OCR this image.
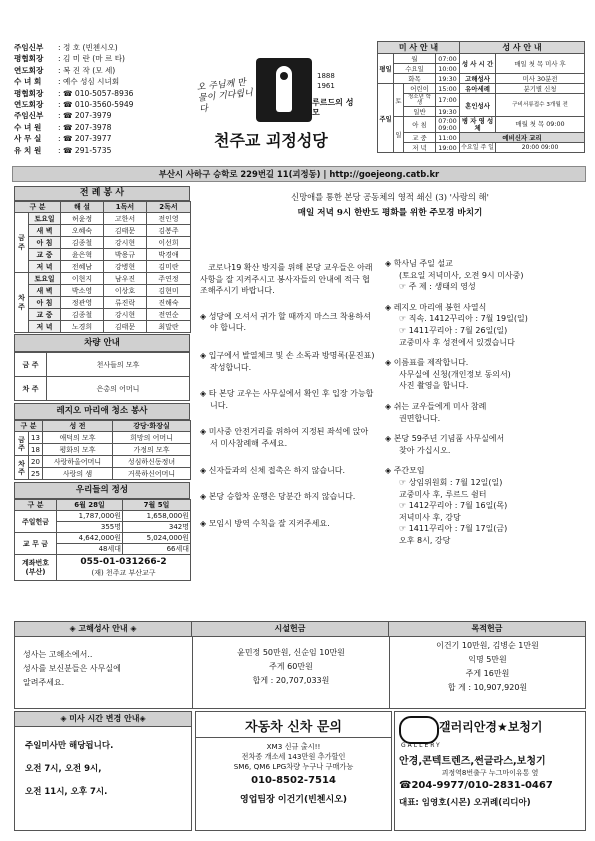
주임신부 : 정 호 (빈첸시오)
평협회장 : 김 미 란 (마 르 타)
연도회장 : 복 진 작 (모 세)
수 녀 회 : 예수 성심 시녀회
평협회장 : ☎ 010-5057-8936
연도회장 : ☎ 010-3560-5949
주임신부 : ☎ 207-3979
수 녀 원 : ☎ 207-3978
사 무 실 : ☎ 207-3977
유 치 원 : ☎ 291-5735
오 주님께 만물이 기다립니다
1888
1961
루르드의 성모
천주교 괴정성당
미 사 안 내				성 사 안 내	
평일	월		07:00	성 사 시 간	매일 첫 목 미사 후
	수요일		10:00		
	화목		19:30	고해성사	미사 30분전
주일	토	어린이	15:00	유아세례	분기별 신청
		청소년 학 생	17:00	혼인성사	구비서류접수 3개월 전
		일반	19:30		
	일	아 침	07:00 09:00	병 자 영 성 체	매월 첫 목 09:00
		교 중	11:00	예비신자 교리	
		저 녁	19:00	수요일 주 일	20:00 09:00
부산시 사하구 승학로 229번길 11(괴정동) | http://goejeong.catb.kr
전 례 봉 사
구 분		해 설	1독서	2독서
금주	토요일	허윤정	고한서	전인영
	새 벽	오혜숙	김태문	김봉주
	아 침	김종철	강시현	이선희
	교 중	윤은혁	박용규	박경애
	저 녁	전혜남	강병현	김미란
차주	토요일	이현지	남우진	주연정
	새 벽	박소영	이상호	김현미
	아 침	정관영	류진락	진해숙
	교 중	김종철	강시현	전연순
	저 녁	노경희	김태문	최말란
차량 안내
금 주	천사들의 모후
차 주	은총의 어머니
레지오 마리애 청소 봉사
구 분		성 전	강당·화장실
금주	13	애덕의 모후	희망의 어머니
	18	평화의 모후	가정의 모후
차주	20	사랑하올어머니	성심하신동정녀
	25	사랑의 샘	거룩하신어머니
우리들의 정성
구 분	6월 28일	7월 5일
주일헌금	1,787,000원	1,658,000원
	355명	342명
교 무 금	4,642,000원	5,024,000원
	48세대	66세대
계좌번호 (부산)	055-01-031266-2
(재) 천주교 부산교구	
신망애를 통한 본당 공동체의 영적 쇄신 (3) '사랑의 해'
매일 저녁 9시 한반도 평화를 위한 주모경 바치기
코로나19 확산 방지를 위해 본당 교우들은 아래 사항을 잘 지켜주시고 봉사자들의 안내에 적극 협조해주시기 바랍니다.
◈ 성당에 오셔서 귀가 할 때까지 마스크 착용하셔야 합니다.
◈ 입구에서 발열체크 및 손 소독과 방명록(문진표) 작성합니다.
◈ 타 본당 교우는 사무실에서 확인 후 입장 가능합니다.
◈ 미사중 안전거리를 위하여 지정된 좌석에 앉아서 미사참례해 주세요.
◈ 신자들과의 신체 접촉은 하지 않습니다.
◈ 본당 승합차 운행은 당분간 하지 않습니다.
◈ 모임시 방역 수칙을 잘 지켜주세요.
◈ 학사님 주일 설교
(토요일 저녁미사, 오전 9시 미사중)
☞ 주 제 : 생태의 영성
◈ 레지오 마리애 봉헌 사열식
☞ 직속. 1412꾸리아 : 7월 19일(일)
☞ 1411꾸리아 : 7월 26일(일)
교중미사 후 성전에서 있겠습니다
◈ 이름표를 제작합니다.
사무실에 신청(개인정보 동의서)
사진 촬영을 합니다.
◈ 쉬는 교우들에게 미사 참례
권면합니다.
◈ 본당 59주년 기념품 사무실에서
찾아 가십시오.
◈ 주간모임
☞ 상임위원회 : 7월 12일(일)
교중미사 후, 루르드 쉼터
☞ 1412꾸리아 : 7월 16일(목)
저녁미사 후, 강당
☞ 1411꾸리아 : 7월 17일(금)
오후 8시, 강당
◈ 고해성사 안내 ◈	시설헌금	목적헌금
성사는 고해소에서..
성사를 보신분들은 사무실에
알려주세요.
윤민정 50만원, 신순임 10만원
주게 60만원
합게 : 20,707,033원
이건기 10만원, 김병순 1만원
익명 5만원
주게 16만원
합 게 : 10,907,920원
◈ 미사 시간 변경 안내◈
주일미사만 해당됩니다.
오전 7시, 오전 9시,
오전 11시, 오후 7시.
자동차 신차 문의
XM3 신규 출시!!
전차종 개소세 143만원 추가할인
SM6, QM6 LPG차량 누구나 구매가능
010-8502-7514
영업팀장 이건기(빈첸시오)
갤러리안경★보청기
GALLERY
안경,콘텍트렌즈,썬글라스,보청기
괴정역8번출구 누그마이유통 옆
☎204-9977/010-2831-0467
대표: 임영호(시몬) 오귀례(리디아)
